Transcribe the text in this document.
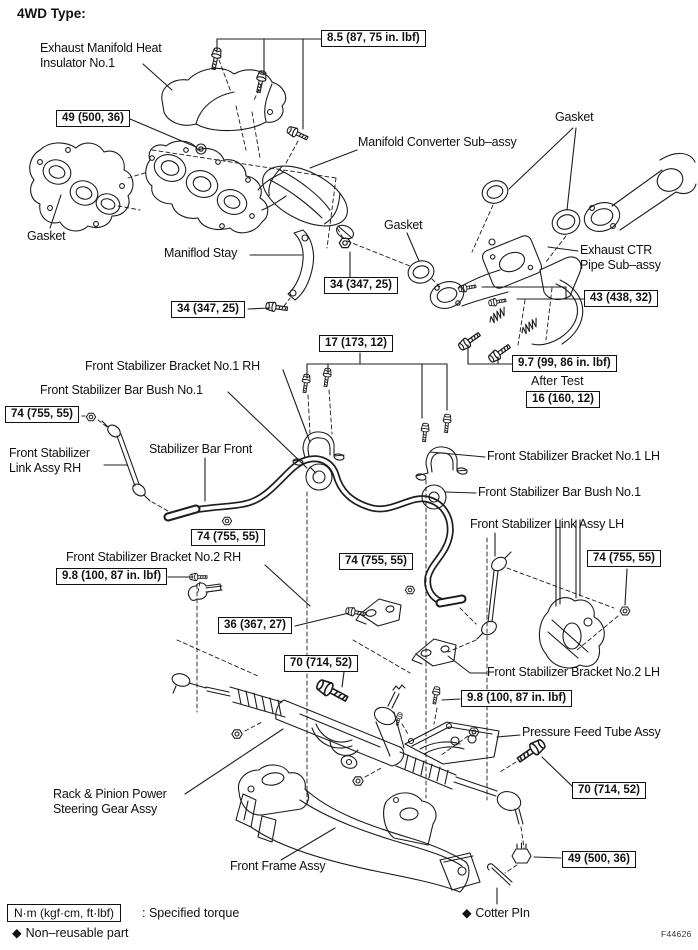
4WD Type:
Exhaust Manifold Heat
Insulator No.1
Manifold Converter Sub–assy
Gasket
Gasket
Maniflod Stay
Gasket
Exhaust CTR
Pipe Sub–assy
Front Stabilizer Bracket No.1 RH
Front Stabilizer Bar Bush No.1
Front Stabilizer
Link Assy RH
Stabilizer Bar Front	Front Stabilizer Bracket No.1 LH
Front Stabilizer Bar Bush No.1
Front Stabilizer Link Assy LH
Front Stabilizer Bracket No.2 RH
Front Stabilizer Bracket No.2 LH
Pressure Feed Tube Assy
Rack & Pinion Power
Steering Gear Assy
Front Frame Assy
◆ Cotter PIn
8.5 (87, 75 in. lbf)
49 (500, 36)
34 (347, 25)
34 (347, 25)
43 (438, 32)
17 (173, 12)
9.7 (99, 86 in. lbf)
After Test
16 (160, 12)
74 (755, 55)
74 (755, 55)
74 (755, 55)	74 (755, 55)
9.8 (100, 87 in. lbf)
36 (367, 27)
70 (714, 52)
9.8 (100, 87 in. lbf)
70 (714, 52)
49 (500, 36)
N·m (kgf·cm, ft·lbf)	: Specified torque
◆ Non–reusable part	F44626
